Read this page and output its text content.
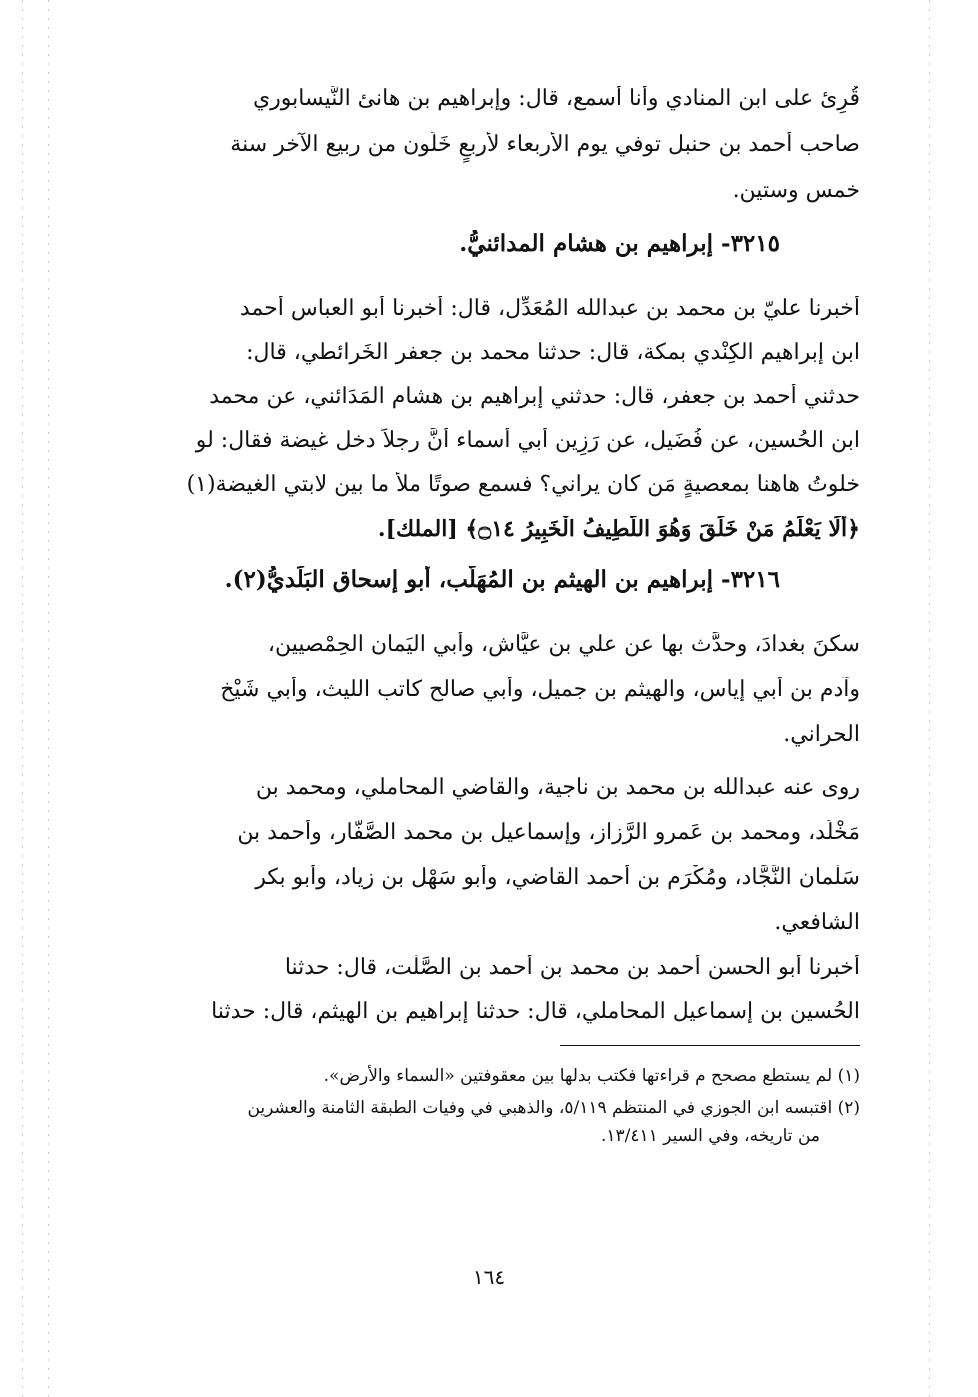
قُرِئ على ابن المنادي وأنا أسمع، قال: وإبراهيم بن هانئ النَّيسابوري
صاحب أحمد بن حنبل توفي يوم الأربعاء لأربعٍ خَلَون من ربيع الآخر سنة
خمس وستين.
٣٢١٥- إبراهيم بن هشام المدائنيُّ.
أخبرنا عليّ بن محمد بن عبدالله المُعَدِّل، قال: أخبرنا أبو العباس أحمد
ابن إبراهيم الكِنْدي بمكة، قال: حدثنا محمد بن جعفر الخَرائطي، قال:
حدثني أحمد بن جعفر، قال: حدثني إبراهيم بن هشام المَدَائني، عن محمد
ابن الحُسين، عن فُضَيل، عن رَزِين أبي أسماء أنَّ رجلاً دخل غيضة فقال: لو
خلوتُ هاهنا بمعصيةٍ مَن كان يراني؟ فسمع صوتًا ملأ ما بين لابتي الغيضة(١)
﴿أَلَا يَعْلَمُ مَنْ خَلَقَ وَهُوَ اللَّطِيفُ الْخَبِيرُ ۝١٤﴾ [الملك].
٣٢١٦- إبراهيم بن الهيثم بن المُهَلَّب، أبو إسحاق البَلَديُّ(٢).
سكنَ بغدادَ، وحدَّث بها عن علي بن عيَّاش، وأبي اليَمان الحِمْصيين،
وآدم بن أبي إياس، والهيثم بن جميل، وأبي صالح كاتب الليث، وأبي شَيْخ
الحراني.
روى عنه عبدالله بن محمد بن ناجية، والقاضي المحاملي، ومحمد بن
مَخْلَد، ومحمد بن عَمرو الرَّزاز، وإسماعيل بن محمد الصَّفَّار، وأحمد بن
سَلْمان النَّجَّاد، ومُكْرَم بن أحمد القاضي، وأبو سَهْل بن زياد، وأبو بكر
الشافعي.
أخبرنا أبو الحسن أحمد بن محمد بن أحمد بن الصَّلْت، قال: حدثنا
الحُسين بن إسماعيل المحاملي، قال: حدثنا إبراهيم بن الهيثم، قال: حدثنا
(١) لم يستطع مصحح م قراءتها فكتب بدلها بين معقوفتين «السماء والأرض».
(٢) اقتبسه ابن الجوزي في المنتظم ٥/١١٩، والذهبي في وفيات الطبقة الثامنة والعشرين
من تاريخه، وفي السير ١٣/٤١١.
١٦٤
